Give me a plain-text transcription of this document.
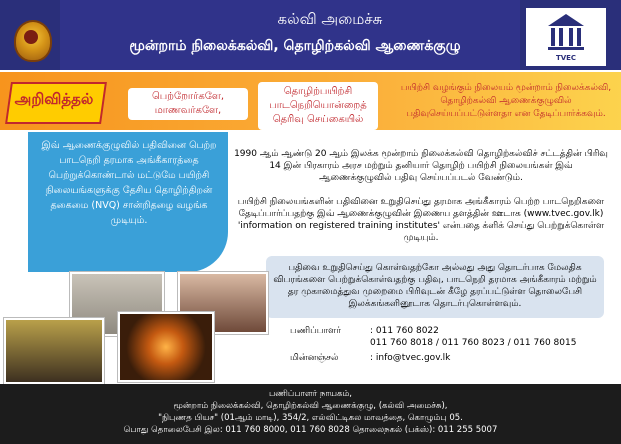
கல்வி அமைச்சு
மூன்றாம் நிலைக்கல்வி, தொழிற்கல்வி ஆணைக்குழு
TVEC
அறிவித்தல்	பெற்றோர்களே, மாணவர்களே,
தொழிற்பயிற்சி பாடநெறியொன்றைத் தெரிவு செய்கையில்
பயிற்சி வழங்கும் நிலையம் மூன்றாம் நிலைக்கல்வி, தொழிற்கல்வி ஆணைக்குழுவில் பதிவுசெய்யப்பட்டுள்ளதா என தேடிப்பார்க்கவும்.
இவ் ஆணைக்குழுவில் பதிவினை பெற்ற பாடநெறி தரமாக அங்கீகாரத்தை பெற்றுக்கொண்டால் மட்டுமே பயிற்சி நிலையங்களுக்கு தேசிய தொழிற்திறன் தகைமை (NVQ) சான்றிதழை வழங்க முடியும்.
1990 ஆம் ஆண்டு 20 ஆம் இலக்க மூன்றாம் நிலைக்கல்வி தொழிற்கல்விச் சட்டத்தின் பிரிவு 14 இன் பிரகாரம் அரச மற்றும் தனியார் தொழிற் பயிற்சி நிலையங்கள் இவ் ஆணைக்குழுவில் பதிவு செய்யப்படல் வேண்டும்.
பயிற்சி நிலையங்களின் பதிவினை உறுதிசெய்து தரமாக அங்கீகாரம் பெற்ற பாடநெறிகளை தேடிப்பார்ப்பதற்கு இவ் ஆணைக்குழுவின் இணைய தளத்தின் ஊடாக (www.tvec.gov.lk) 'information on registered training institutes' என்பதை க்ளிக் செய்து பெற்றுக்கொள்ள முடியும்.
பதிவை உறுதிசெய்து கொள்வதற்கோ அல்லது அது தொடர்பாக மேலதிக விபரங்களை பெற்றுக்கொள்வதற்கு பதிவு, பாடநெறி தரமாக அங்கீகாரம் மற்றும் தர முகாமைத்துவ முறைமை பிரிவுடன் கீழே தரப்பட்டுள்ள தொலைபேசி இலக்கங்களினூடாக தொடர்புகொள்ளவும்.
பணிப்பாளர்	: 011 760 8022
011 760 8018 / 011 760 8023 / 011 760 8015
மின்னஞ்சல்	: info@tvec.gov.lk
பணிப்பாளர் நாயகம்,
மூன்றாம் நிலைக்கல்வி, தொழிற்கல்வி ஆணைக்குழு, (கல்வி அமைச்சு),
"நிபுணத பியச" (01ஆம் மாடி), 354/2, எல்விட்டிகல மாவத்தை, கொழும்பு 05.
பொது தொலைபேசி இல: 011 760 8000, 011 760 8028 தொலைநகல் (பக்ஸ்): 011 255 5007
